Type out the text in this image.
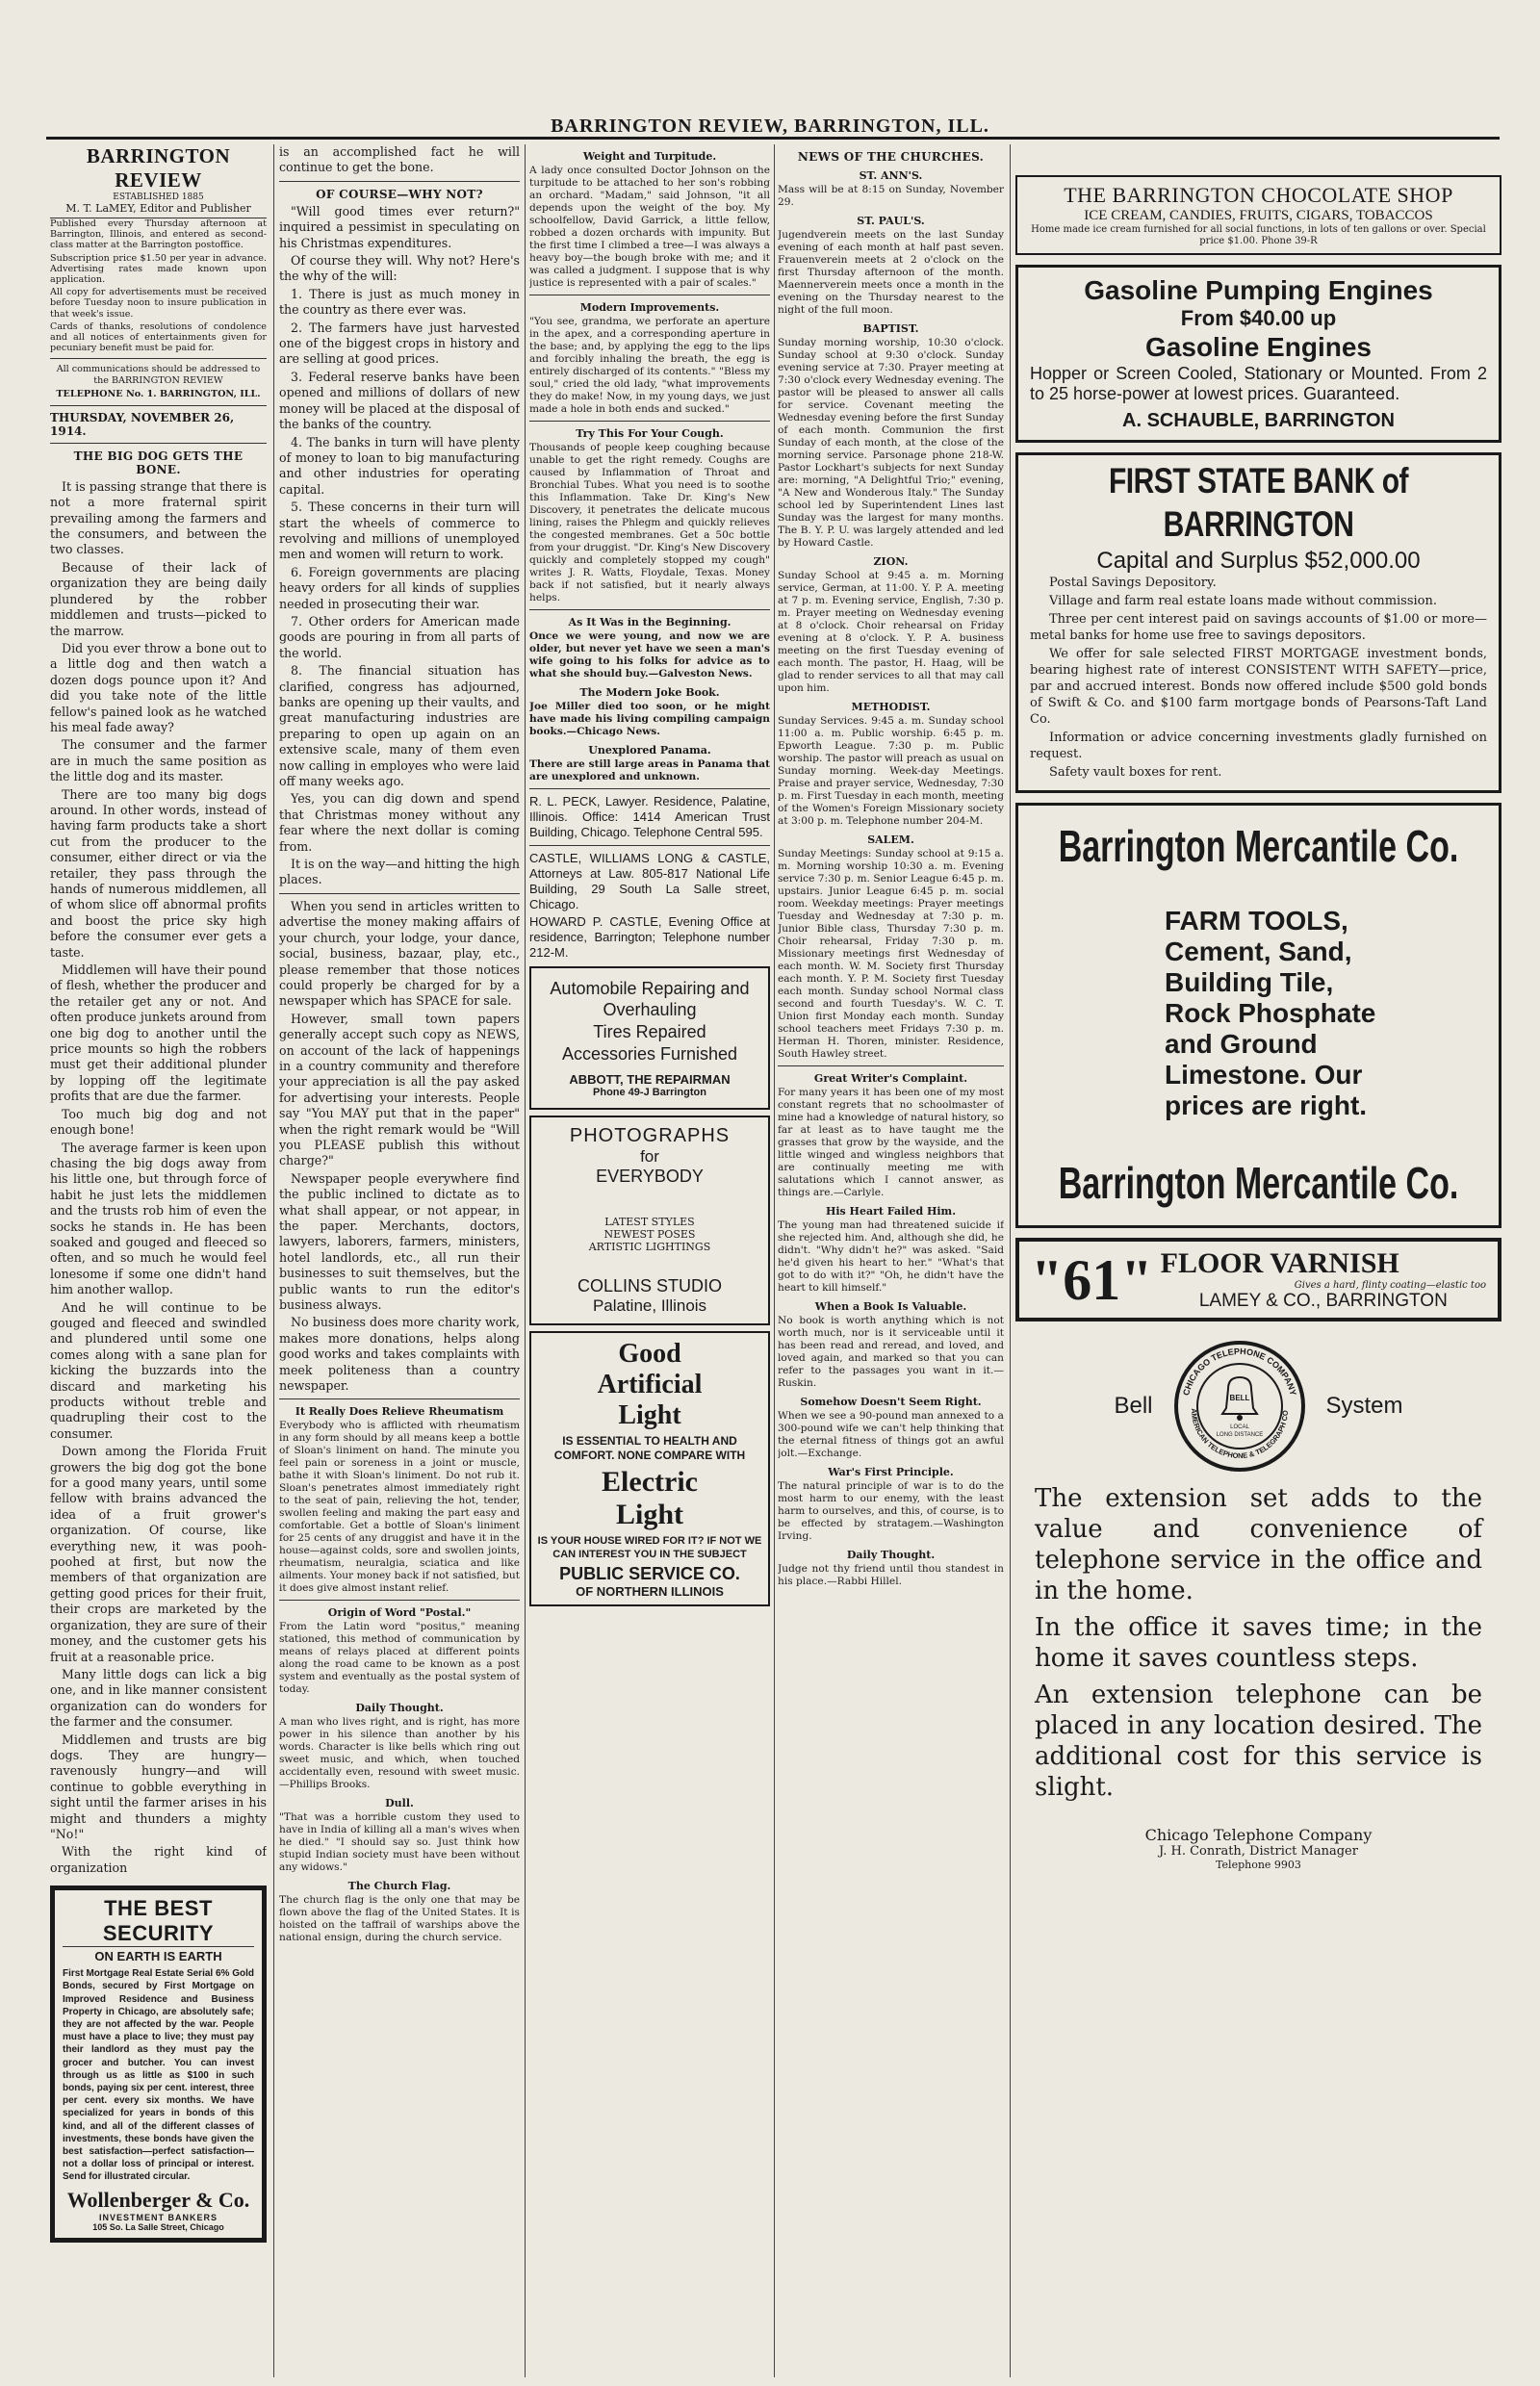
BARRINGTON REVIEW, BARRINGTON, ILL.
BARRINGTON REVIEW
ESTABLISHED 1885
M. T. LaMEY, Editor and Publisher

Published every Thursday afternoon at Barrington, Illinois, and entered as second-class matter at the Barrington postoffice.

Subscription price $1.50 per year in advance. Advertising rates made known upon application.

All copy for advertisements must be received before Tuesday noon to insure publication in that week's issue.

Cards of thanks, resolutions of condolence and all notices of entertainments given for pecuniary benefit must be paid for.

All communications should be addressed to the BARRINGTON REVIEW

TELEPHONE No. 1. BARRINGTON, ILL.

THURSDAY, NOVEMBER 26, 1914.
THE BIG DOG GETS THE BONE.

It is passing strange that there is not a more fraternal spirit prevailing among the farmers and the consumers, and between the two classes.

Because of their lack of organization they are being daily plundered by the robber middlemen and trusts—picked to the marrow.

Did you ever throw a bone out to a little dog and then watch a dozen dogs pounce upon it? And did you take note of the little fellow's pained look as he watched his meal fade away?

The consumer and the farmer are in much the same position as the little dog and its master.

There are too many big dogs around. In other words, instead of having farm products take a short cut from the producer to the consumer, either direct or via the retailer, they pass through the hands of numerous middlemen, all of whom slice off abnormal profits and boost the price sky high before the consumer ever gets a taste.

Middlemen will have their pound of flesh, whether the producer and the retailer get any or not. And often produce junkets around from one big dog to another until the price mounts so high the robbers must get their additional plunder by lopping off the legitimate profits that are due the farmer.

Too much big dog and not enough bone!

The average farmer is keen upon chasing the big dogs away from his little one, but through force of habit he just lets the middlemen and the trusts rob him of even the socks he stands in. He has been soaked and gouged and fleeced so often, and so much he would feel lonesome if some one didn't hand him another wallop.

And he will continue to be gouged and fleeced and swindled and plundered until some one comes along with a sane plan for kicking the buzzards into the discard and marketing his products without treble and quadrupling their cost to the consumer.

Down among the Florida Fruit growers the big dog got the bone for a good many years, until some fellow with brains advanced the idea of a fruit grower's organization. Of course, like everything new, it was pooh-poohed at first, but now the members of that organization are getting good prices for their fruit, their crops are marketed by the organization, they are sure of their money, and the customer gets his fruit at a reasonable price.

Many little dogs can lick a big one, and in like manner consistent organization can do wonders for the farmer and the consumer.

Middlemen and trusts are big dogs. They are hungry—ravenously hungry—and will continue to gobble everything in sight until the farmer arises in his might and thunders a mighty "No!"

With the right kind of organization

THE BEST SECURITY
ON EARTH IS EARTH

First Mortgage Real Estate Serial 6% Gold Bonds, secured by First Mortgage on Improved Residence and Business Property in Chicago, are absolutely safe; they are not affected by the war. People must have a place to live; they must pay their landlord as they must pay the grocer and butcher. You can invest through us as little as $100 in such bonds, paying six per cent. interest, three per cent. every six months. We have specialized for years in bonds of this kind, and all of the different classes of investments, these bonds have given the best satisfaction—perfect satisfaction—not a dollar loss of principal or interest. Send for illustrated circular.

Wollenberger & Co.
INVESTMENT BANKERS
105 So. La Salle Street, Chicago

is an accomplished fact he will continue to get the bone.

OF COURSE—WHY NOT?

"Will good times ever return?" inquired a pessimist in speculating on his Christmas expenditures.

Of course they will. Why not? Here's the why of the will:

1. There is just as much money in the country as there ever was.

2. The farmers have just harvested one of the biggest crops in history and are selling at good prices.

3. Federal reserve banks have been opened and millions of dollars of new money will be placed at the disposal of the banks of the country.

4. The banks in turn will have plenty of money to loan to big manufacturing and other industries for operating capital.

5. These concerns in their turn will start the wheels of commerce to revolving and millions of unemployed men and women will return to work.

6. Foreign governments are placing heavy orders for all kinds of supplies needed in prosecuting their war.

7. Other orders for American made goods are pouring in from all parts of the world.

8. The financial situation has clarified, congress has adjourned, banks are opening up their vaults, and great manufacturing industries are preparing to open up again on an extensive scale, many of them even now calling in employes who were laid off many weeks ago.

Yes, you can dig down and spend that Christmas money without any fear where the next dollar is coming from.

It is on the way—and hitting the high places.

When you send in articles written to advertise the money making affairs of your church, your lodge, your dance, social, business, bazaar, play, etc., please remember that those notices could properly be charged for by a newspaper which has SPACE for sale.

However, small town papers generally accept such copy as NEWS, on account of the lack of happenings in a country community and therefore your appreciation is all the pay asked for advertising your interests. People say "You MAY put that in the paper" when the right remark would be "Will you PLEASE publish this without charge?"

Newspaper people everywhere find the public inclined to dictate as to what shall appear, or not appear, in the paper. Merchants, doctors, lawyers, laborers, farmers, ministers, hotel landlords, etc., all run their businesses to suit themselves, but the public wants to run the editor's business always.

No business does more charity work, makes more donations, helps along good works and takes complaints with meek politeness than a country newspaper.

It Really Does Relieve Rheumatism

Everybody who is afflicted with rheumatism in any form should by all means keep a bottle of Sloan's liniment on hand. The minute you feel pain or soreness in a joint or muscle, bathe it with Sloan's liniment. Do not rub it. Sloan's penetrates almost immediately right to the seat of pain, relieving the hot, tender, swollen feeling and making the part easy and comfortable. Get a bottle of Sloan's liniment for 25 cents of any druggist and have it in the house—against colds, sore and swollen joints, rheumatism, neuralgia, sciatica and like ailments. Your money back if not satisfied, but it does give almost instant relief.

Origin of Word "Postal."

From the Latin word "positus," meaning stationed, this method of communication by means of relays placed at different points along the road came to be known as a post system and eventually as the postal system of today.

Daily Thought.

A man who lives right, and is right, has more power in his silence than another by his words. Character is like bells which ring out sweet music, and which, when touched accidentally even, resound with sweet music.—Phillips Brooks.

Dull.

"That was a horrible custom they used to have in India of killing all a man's wives when he died." "I should say so. Just think how stupid Indian society must have been without any widows."

The Church Flag.

The church flag is the only one that may be flown above the flag of the United States. It is hoisted on the taffrail of warships above the national ensign, during the church service.

Weight and Turpitude.

A lady once consulted Doctor Johnson on the turpitude to be attached to her son's robbing an orchard. "Madam," said Johnson, "it all depends upon the weight of the boy. My schoolfellow, David Garrick, a little fellow, robbed a dozen orchards with impunity. But the first time I climbed a tree—I was always a heavy boy—the bough broke with me; and it was called a judgment. I suppose that is why justice is represented with a pair of scales."

Modern Improvements.

"You see, grandma, we perforate an aperture in the apex, and a corresponding aperture in the base; and, by applying the egg to the lips and forcibly inhaling the breath, the egg is entirely discharged of its contents." "Bless my soul," cried the old lady, "what improvements they do make! Now, in my young days, we just made a hole in both ends and sucked."

Try This For Your Cough.

Thousands of people keep coughing because unable to get the right remedy. Coughs are caused by Inflammation of Throat and Bronchial Tubes. What you need is to soothe this Inflammation. Take Dr. King's New Discovery, it penetrates the delicate mucous lining, raises the Phlegm and quickly relieves the congested membranes. Get a 50c bottle from your druggist. "Dr. King's New Discovery quickly and completely stopped my cough" writes J. R. Watts, Floydale, Texas. Money back if not satisfied, but it nearly always helps.

As It Was in the Beginning.

Once we were young, and now we are older, but never yet have we seen a man's wife going to his folks for advice as to what she should buy.—Galveston News.

The Modern Joke Book.

Joe Miller died too soon, or he might have made his living compiling campaign books.—Chicago News.

Unexplored Panama.

There are still large areas in Panama that are unexplored and unknown.

R. L. PECK, Lawyer. Residence, Palatine, Illinois. Office: 1414 American Trust Building, Chicago. Telephone Central 595.

CASTLE, WILLIAMS LONG & CASTLE, Attorneys at Law. 805-817 National Life Building, 29 South La Salle street, Chicago.

HOWARD P. CASTLE, Evening Office at residence, Barrington; Telephone number 212-M.

Automobile Repairing and Overhauling
Tires Repaired
Accessories Furnished
ABBOTT, THE REPAIRMAN
Phone 49-J Barrington
PHOTOGRAPHS
for
EVERYBODY
LATEST STYLES
NEWEST POSES
ARTISTIC LIGHTINGS
COLLINS STUDIO
Palatine, Illinois
Good
Artificial
Light
IS ESSENTIAL TO HEALTH AND COMFORT. NONE COMPARE WITH
Electric
Light
IS YOUR HOUSE WIRED FOR IT? IF NOT WE CAN INTEREST YOU IN THE SUBJECT
PUBLIC SERVICE CO.
OF NORTHERN ILLINOIS
NEWS OF THE CHURCHES.
ST. ANN'S.

Mass will be at 8:15 on Sunday, November 29.

ST. PAUL'S.

Jugendverein meets on the last Sunday evening of each month at half past seven. Frauenverein meets at 2 o'clock on the first Thursday afternoon of the month. Maennerverein meets once a month in the evening on the Thursday nearest to the night of the full moon.

BAPTIST.

Sunday morning worship, 10:30 o'clock. Sunday school at 9:30 o'clock. Sunday evening service at 7:30. Prayer meeting at 7:30 o'clock every Wednesday evening. The pastor will be pleased to answer all calls for service. Covenant meeting the Wednesday evening before the first Sunday of each month. Communion the first Sunday of each month, at the close of the morning service. Parsonage phone 218-W. Pastor Lockhart's subjects for next Sunday are: morning, "A Delightful Trio;" evening, "A New and Wonderous Italy." The Sunday school led by Superintendent Lines last Sunday was the largest for many months. The B. Y. P. U. was largely attended and led by Howard Castle.

ZION.

Sunday School at 9:45 a. m. Morning service, German, at 11:00. Y. P. A. meeting at 7 p. m. Evening service, English, 7:30 p. m. Prayer meeting on Wednesday evening at 8 o'clock. Choir rehearsal on Friday evening at 8 o'clock. Y. P. A. business meeting on the first Tuesday evening of each month. The pastor, H. Haag, will be glad to render services to all that may call upon him.

METHODIST.

Sunday Services. 9:45 a. m. Sunday school 11:00 a. m. Public worship. 6:45 p. m. Epworth League. 7:30 p. m. Public worship. The pastor will preach as usual on Sunday morning. Week-day Meetings. Praise and prayer service, Wednesday, 7:30 p. m. First Tuesday in each month, meeting of the Women's Foreign Missionary society at 3:00 p. m. Telephone number 204-M.

SALEM.

Sunday Meetings: Sunday school at 9:15 a. m. Morning worship 10:30 a. m. Evening service 7:30 p. m. Senior League 6:45 p. m. upstairs. Junior League 6:45 p. m. social room. Weekday meetings: Prayer meetings Tuesday and Wednesday at 7:30 p. m. Junior Bible class, Thursday 7:30 p. m. Choir rehearsal, Friday 7:30 p. m. Missionary meetings first Wednesday of each month. W. M. Society first Thursday each month. Y. P. M. Society first Tuesday each month. Sunday school Normal class second and fourth Tuesday's. W. C. T. Union first Monday each month. Sunday school teachers meet Fridays 7:30 p. m. Herman H. Thoren, minister. Residence, South Hawley street.

Great Writer's Complaint.

For many years it has been one of my most constant regrets that no schoolmaster of mine had a knowledge of natural history, so far at least as to have taught me the grasses that grow by the wayside, and the little winged and wingless neighbors that are continually meeting me with salutations which I cannot answer, as things are.—Carlyle.

His Heart Failed Him.

The young man had threatened suicide if she rejected him. And, although she did, he didn't. "Why didn't he?" was asked. "Said he'd given his heart to her." "What's that got to do with it?" "Oh, he didn't have the heart to kill himself."

When a Book Is Valuable.

No book is worth anything which is not worth much, nor is it serviceable until it has been read and reread, and loved, and loved again, and marked so that you can refer to the passages you want in it.—Ruskin.

Somehow Doesn't Seem Right.

When we see a 90-pound man annexed to a 300-pound wife we can't help thinking that the eternal fitness of things got an awful jolt.—Exchange.

War's First Principle.

The natural principle of war is to do the most harm to our enemy, with the least harm to ourselves, and this, of course, is to be effected by stratagem.—Washington Irving.

Daily Thought.

Judge not thy friend until thou standest in his place.—Rabbi Hillel.

THE BARRINGTON CHOCOLATE SHOP
ICE CREAM, CANDIES, FRUITS, CIGARS, TOBACCOS
Home made ice cream furnished for all social functions, in lots of ten gallons or over. Special price $1.00. Phone 39-R
Gasoline Pumping Engines
From $40.00 up
Gasoline Engines
Hopper or Screen Cooled, Stationary or Mounted. From 2 to 25 horse-power at lowest prices. Guaranteed.
A. SCHAUBLE, BARRINGTON
FIRST STATE BANK of BARRINGTON
Capital and Surplus $52,000.00

Postal Savings Depository.

Village and farm real estate loans made without commission.

Three per cent interest paid on savings accounts of $1.00 or more—metal banks for home use free to savings depositors.

We offer for sale selected FIRST MORTGAGE investment bonds, bearing highest rate of interest CONSISTENT WITH SAFETY—price, par and accrued interest. Bonds now offered include $500 gold bonds of Swift & Co. and $100 farm mortgage bonds of Pearsons-Taft Land Co.

Information or advice concerning investments gladly furnished on request.

Safety vault boxes for rent.

Barrington Mercantile Co.
FARM TOOLS,
Cement, Sand,
Building Tile,
Rock Phosphate
and Ground
Limestone. Our
prices are right.
Barrington Mercantile Co.
"61" FLOOR VARNISH
Gives a hard, flinty coating—elastic too
LAMEY & CO., BARRINGTON
Bell
CHICAGO TELEPHONE COMPANY
AMERICAN TELEPHONE & TELEGRAPH CO
BELL
LOCAL
LONG DISTANCE
System

The extension set adds to the value and convenience of telephone service in the office and in the home.

In the office it saves time; in the home it saves countless steps.

An extension telephone can be placed in any location desired. The additional cost for this service is slight.

Chicago Telephone Company
J. H. Conrath, District Manager
Telephone 9903
